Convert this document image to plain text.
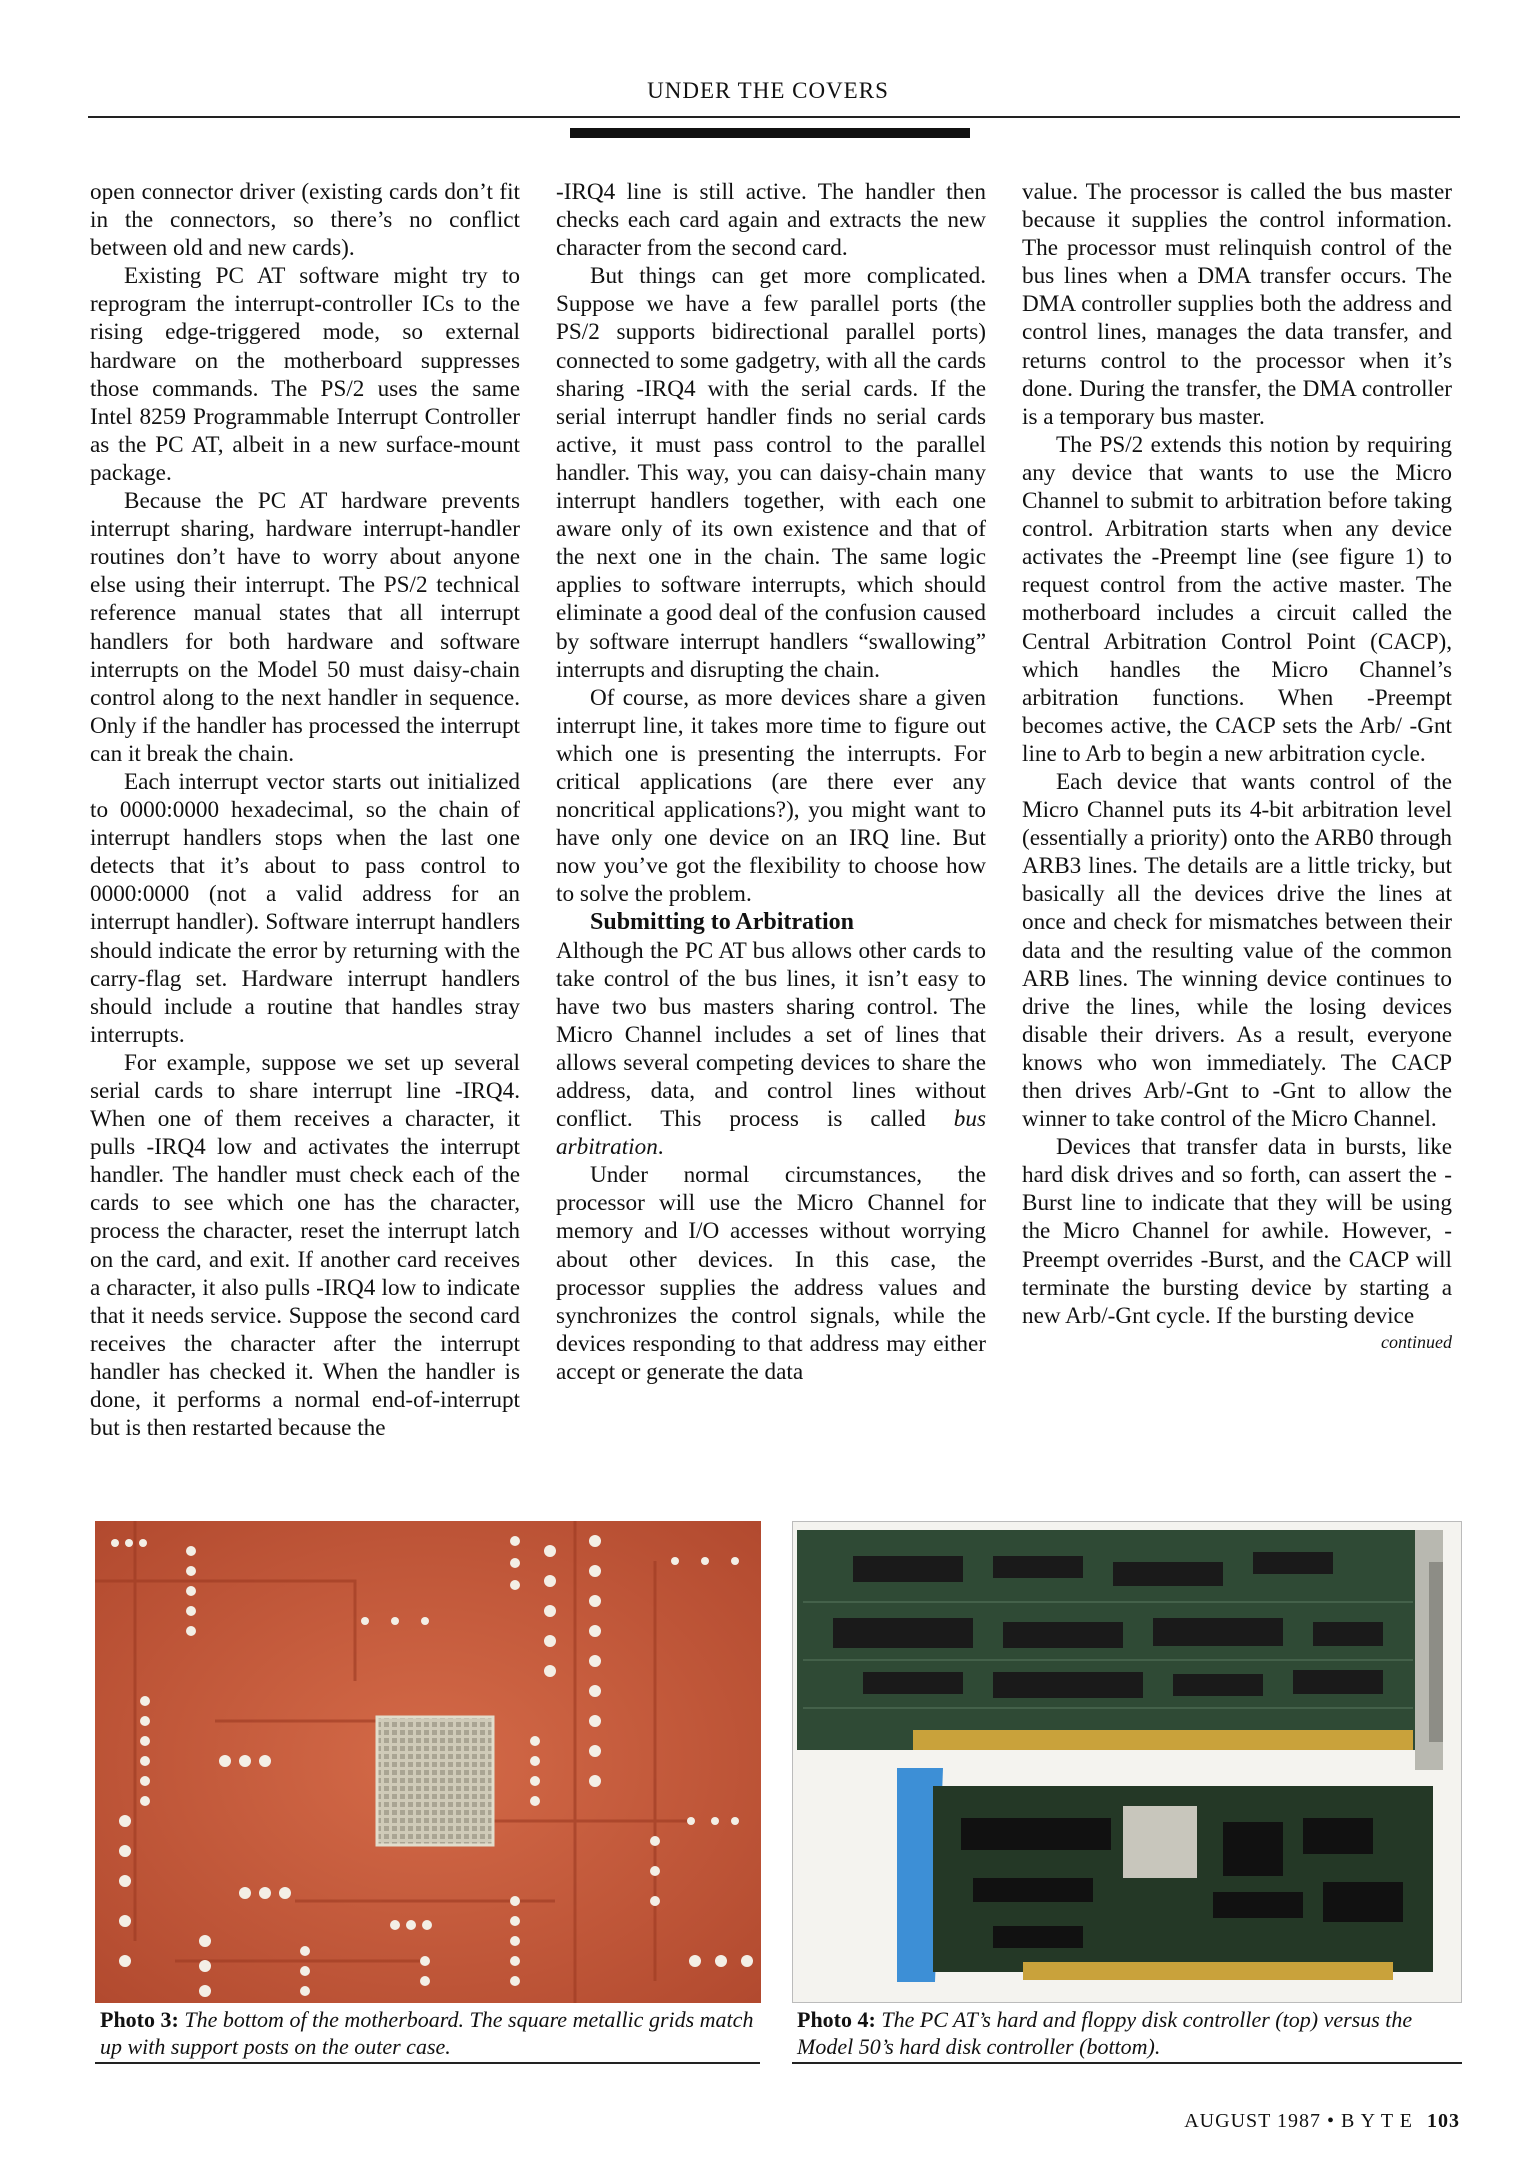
UNDER THE COVERS

open connector driver (existing cards don’t fit in the connectors, so there’s no conflict between old and new cards).

Existing PC AT software might try to reprogram the interrupt-controller ICs to the rising edge-triggered mode, so external hardware on the motherboard suppresses those commands. The PS/2 uses the same Intel 8259 Programmable Interrupt Controller as the PC AT, albeit in a new surface-mount package.

Because the PC AT hardware prevents interrupt sharing, hardware interrupt-handler routines don’t have to worry about anyone else using their interrupt. The PS/2 technical reference manual states that all interrupt handlers for both hardware and software interrupts on the Model 50 must daisy-chain control along to the next handler in sequence. Only if the handler has processed the interrupt can it break the chain.

Each interrupt vector starts out initialized to 0000:0000 hexadecimal, so the chain of interrupt handlers stops when the last one detects that it’s about to pass control to 0000:0000 (not a valid address for an interrupt handler). Software interrupt handlers should indicate the error by returning with the carry-flag set. Hardware interrupt handlers should include a routine that handles stray interrupts.

For example, suppose we set up several serial cards to share interrupt line -IRQ4. When one of them receives a character, it pulls -IRQ4 low and activates the interrupt handler. The handler must check each of the cards to see which one has the character, process the character, reset the interrupt latch on the card, and exit. If another card receives a character, it also pulls -IRQ4 low to indicate that it needs service. Suppose the second card receives the character after the interrupt handler has checked it. When the handler is done, it performs a normal end-of-interrupt but is then restarted because the

-IRQ4 line is still active. The handler then checks each card again and extracts the new character from the second card.

But things can get more complicated. Suppose we have a few parallel ports (the PS/2 supports bidirectional parallel ports) connected to some gadgetry, with all the cards sharing -IRQ4 with the serial cards. If the serial interrupt handler finds no serial cards active, it must pass control to the parallel handler. This way, you can daisy-chain many interrupt handlers together, with each one aware only of its own existence and that of the next one in the chain. The same logic applies to software interrupts, which should eliminate a good deal of the confusion caused by software interrupt handlers “swallowing” interrupts and disrupting the chain.

Of course, as more devices share a given interrupt line, it takes more time to figure out which one is presenting the interrupts. For critical applications (are there ever any noncritical applications?), you might want to have only one device on an IRQ line. But now you’ve got the flexibility to choose how to solve the problem.

Submitting to Arbitration

Although the PC AT bus allows other cards to take control of the bus lines, it isn’t easy to have two bus masters sharing control. The Micro Channel includes a set of lines that allows several competing devices to share the address, data, and control lines without conflict. This process is called bus arbitration.

Under normal circumstances, the processor will use the Micro Channel for memory and I/O accesses without worrying about other devices. In this case, the processor supplies the address values and synchronizes the control signals, while the devices responding to that address may either accept or generate the data

value. The processor is called the bus master because it supplies the control information. The processor must relinquish control of the bus lines when a DMA transfer occurs. The DMA controller supplies both the address and control lines, manages the data transfer, and returns control to the processor when it’s done. During the transfer, the DMA controller is a temporary bus master.

The PS/2 extends this notion by requiring any device that wants to use the Micro Channel to submit to arbitration before taking control. Arbitration starts when any device activates the -Preempt line (see figure 1) to request control from the active master. The motherboard includes a circuit called the Central Arbitration Control Point (CACP), which handles the Micro Channel’s arbitration functions. When -Preempt becomes active, the CACP sets the Arb/ -Gnt line to Arb to begin a new arbitration cycle.

Each device that wants control of the Micro Channel puts its 4-bit arbitration level (essentially a priority) onto the ARB0 through ARB3 lines. The details are a little tricky, but basically all the devices drive the lines at once and check for mismatches between their data and the resulting value of the common ARB lines. The winning device continues to drive the lines, while the losing devices disable their drivers. As a result, everyone knows who won immediately. The CACP then drives Arb/-Gnt to -Gnt to allow the winner to take control of the Micro Channel.

Devices that transfer data in bursts, like hard disk drives and so forth, can assert the -Burst line to indicate that they will be using the Micro Channel for awhile. However, -Preempt overrides -Burst, and the CACP will terminate the bursting device by starting a new Arb/-Gnt cycle. If the bursting device

continued
Photo 3: The bottom of the motherboard. The square metallic grids match up with support posts on the outer case.
Photo 4: The PC AT’s hard and floppy disk controller (top) versus the Model 50’s hard disk controller (bottom).
AUGUST 1987 • B Y T E 103
